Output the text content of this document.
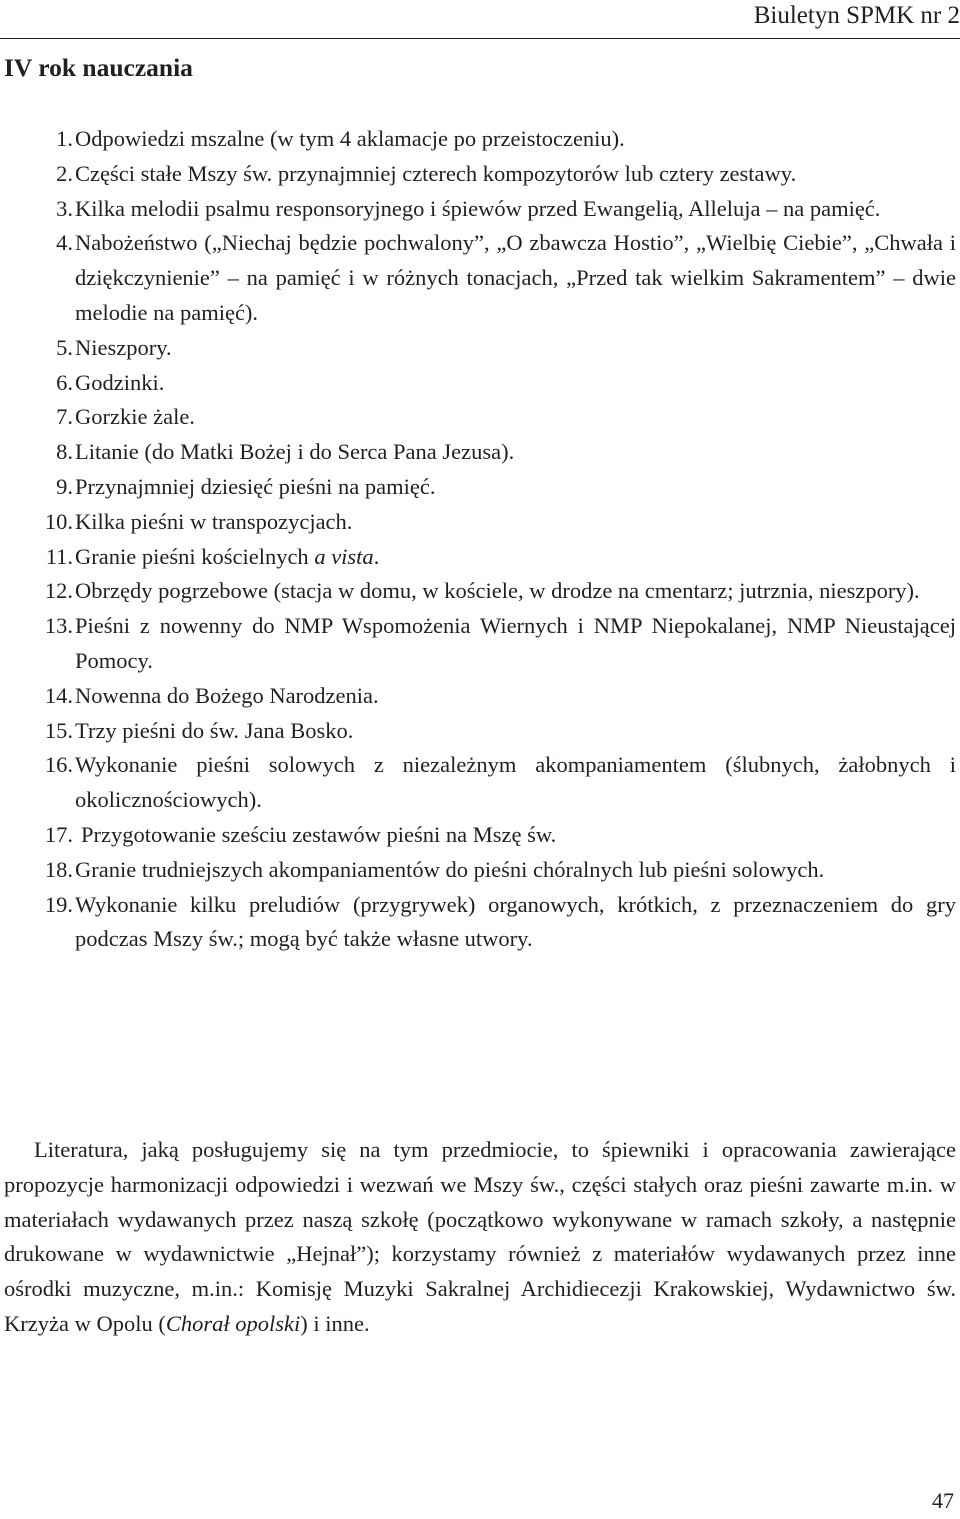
Biuletyn SPMK nr 2
IV rok nauczania
1. Odpowiedzi mszalne (w tym 4 aklamacje po przeistoczeniu).
2. Części stałe Mszy św. przynajmniej czterech kompozytorów lub cztery zestawy.
3. Kilka melodii psalmu responsoryjnego i śpiewów przed Ewangelią, Alleluja – na pamięć.
4. Nabożeństwo („Niechaj będzie pochwalony”, „O zbawcza Hostio”, „Wielbię Ciebie”, „Chwała i dziękczynienie” – na pamięć i w różnych tonacjach, „Przed tak wielkim Sakramentem” – dwie melodie na pamięć).
5. Nieszpory.
6. Godzinki.
7. Gorzkie żale.
8. Litanie (do Matki Bożej i do Serca Pana Jezusa).
9. Przynajmniej dziesięć pieśni na pamięć.
10. Kilka pieśni w transpozycjach.
11. Granie pieśni kościelnych a vista.
12. Obrzędy pogrzebowe (stacja w domu, w kościele, w drodze na cmentarz; jutrznia, nieszpory).
13. Pieśni z nowenny do NMP Wspomożenia Wiernych i NMP Niepokalanej, NMP Nieustającej Pomocy.
14. Nowenna do Bożego Narodzenia.
15. Trzy pieśni do św. Jana Bosko.
16. Wykonanie pieśni solowych z niezależnym akompaniamentem (ślubnych, żałobnych i okolicznościowych).
17. Przygotowanie sześciu zestawów pieśni na Mszę św.
18. Granie trudniejszych akompaniamentów do pieśni chóralnych lub pieśni solowych.
19. Wykonanie kilku preludiów (przygrywek) organowych, krótkich, z przeznaczeniem do gry podczas Mszy św.; mogą być także własne utwory.

Literatura, jaką posługujemy się na tym przedmiocie, to śpiewniki i opracowania zawierające propozycje harmonizacji odpowiedzi i wezwań we Mszy św., części stałych oraz pieśni zawarte m.in. w materiałach wydawanych przez naszą szkołę (początkowo wykonywane w ramach szkoły, a następnie drukowane w wydawnictwie „Hejnał”); korzystamy również z materiałów wydawanych przez inne ośrodki muzyczne, m.in.: Komisję Muzyki Sakralnej Archidiecezji Krakowskiej, Wydawnictwo św. Krzyża w Opolu (Chorał opolski) i inne.

47
